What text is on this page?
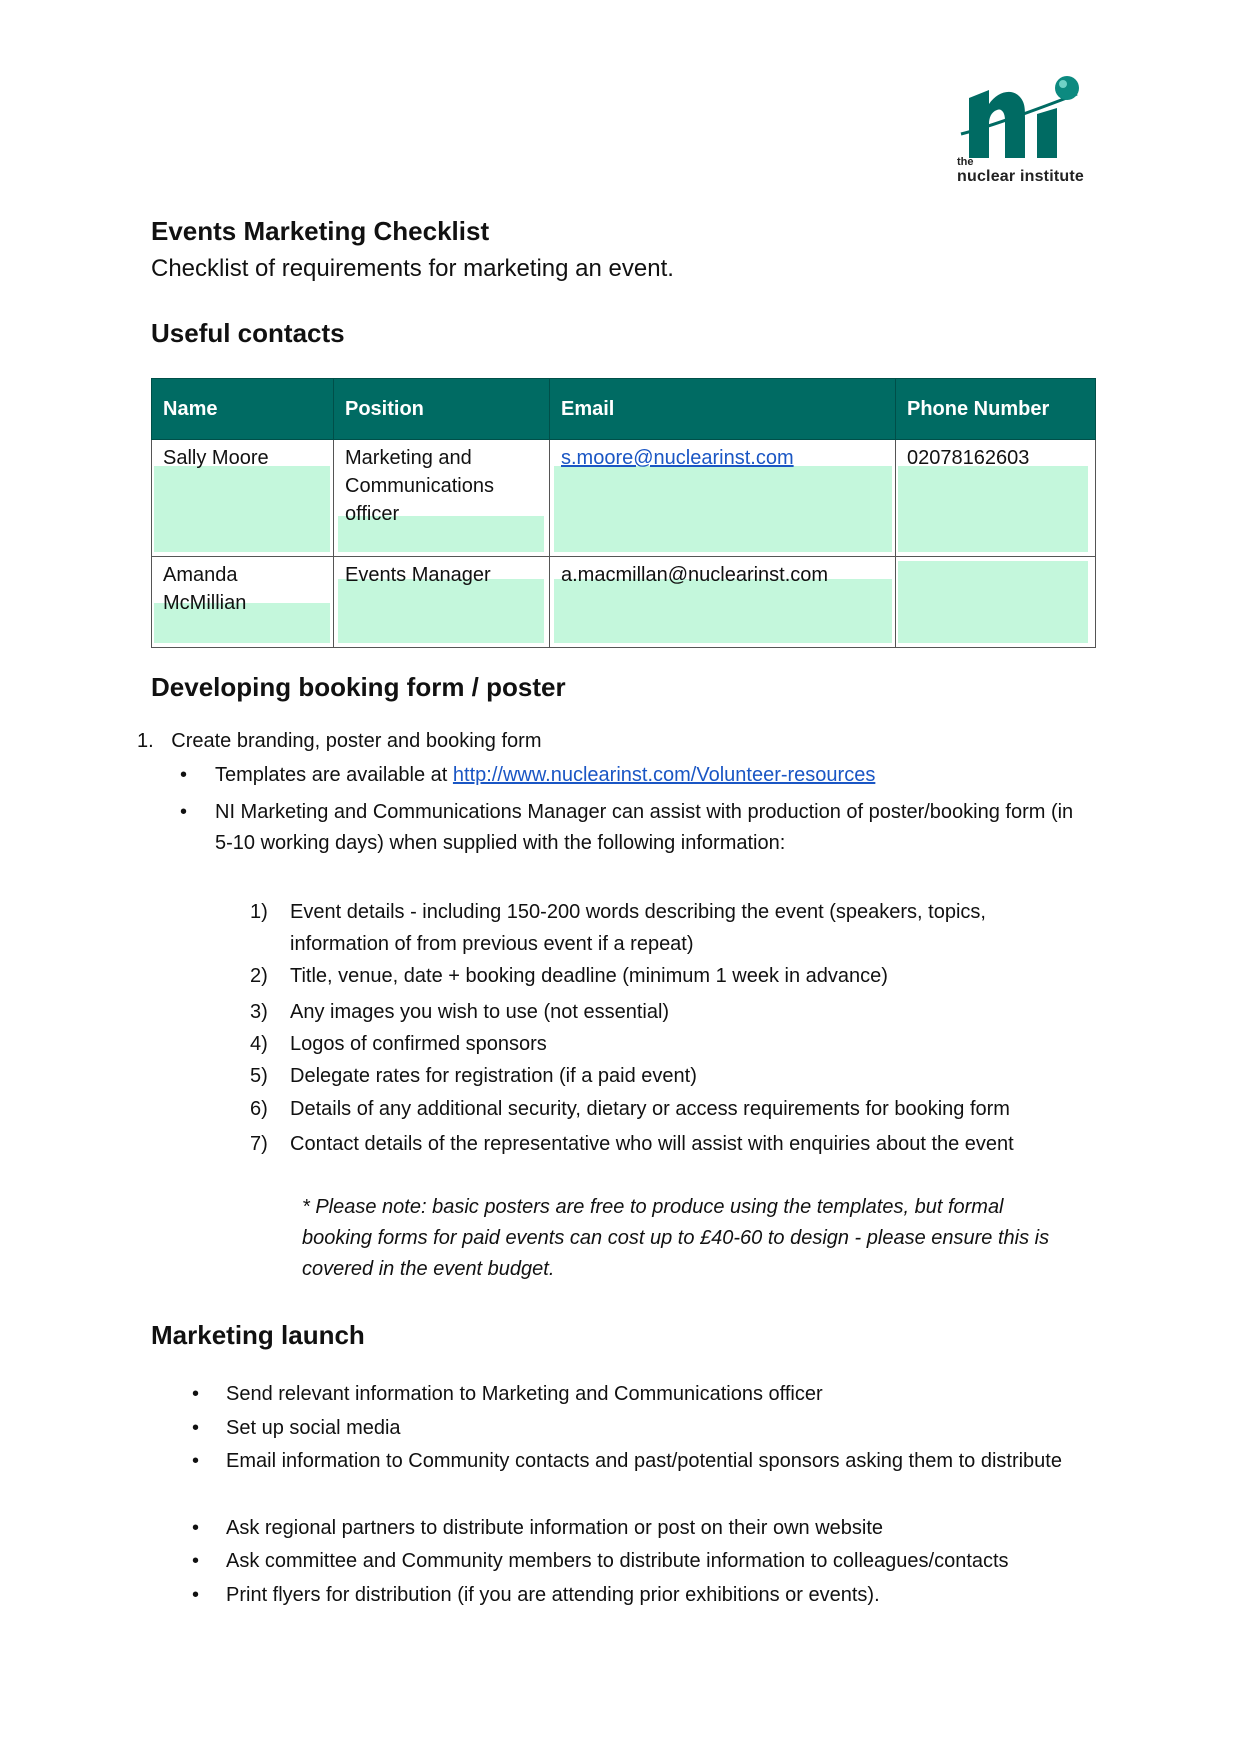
the
nuclear institute
Events Marketing Checklist

Checklist of requirements for marketing an event.

Useful contacts
Name	Position	Email	Phone Number

Sally Moore	Marketing and Communications officer	s.moore@nuclearinst.com	02078162603

Amanda McMillian	Events Manager	a.macmillan@nuclearinst.com	

Developing booking form / poster
1. Create branding, poster and booking form
• Templates are available at http://www.nuclearinst.com/Volunteer-resources
• NI Marketing and Communications Manager can assist with production of poster/booking form (in 5-10 working days) when supplied with the following information:
1) Event details - including 150-200 words describing the event (speakers, topics, information of from previous event if a repeat)
2) Title, venue, date + booking deadline (minimum 1 week in advance)
3) Any images you wish to use (not essential)
4) Logos of confirmed sponsors
5) Delegate rates for registration (if a paid event)
6) Details of any additional security, dietary or access requirements for booking form
7) Contact details of the representative who will assist with enquiries about the event
* Please note: basic posters are free to produce using the templates, but formal booking forms for paid events can cost up to £40-60 to design - please ensure this is covered in the event budget.
Marketing launch
• Send relevant information to Marketing and Communications officer
• Set up social media
• Email information to Community contacts and past/potential sponsors asking them to distribute
• Ask regional partners to distribute information or post on their own website
• Ask committee and Community members to distribute information to colleagues/contacts
• Print flyers for distribution (if you are attending prior exhibitions or events).
